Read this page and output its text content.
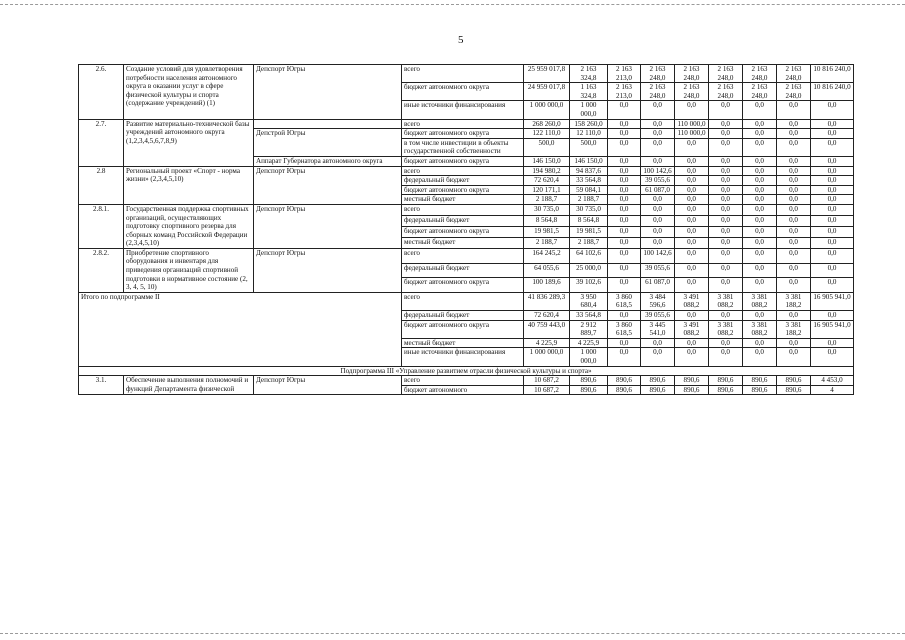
5
2.6.	Создание условий для удовлетворения потребности населения автономного округа в оказании услуг в сфере физической культуры и спорта (содержание учреждений) (1)	Депспорт Югры	всего	25 959 017,8	2 163 324,8	2 163 213,0	2 163 248,0	2 163 248,0	2 163 248,0	2 163 248,0	2 163 248,0	10 816 240,0
			бюджет автономного округа	24 959 017,8	1 163 324,8	2 163 213,0	2 163 248,0	2 163 248,0	2 163 248,0	2 163 248,0	2 163 248,0	10 816 240,0
			иные источники финансирования	1 000 000,0	1 000 000,0	0,0	0,0	0,0	0,0	0,0	0,0	0,0
2.7.	Развитие материально-технической базы учреждений автономного округа (1,2,3,4,5,6,7,8,9)		всего	268 260,0	158 260,0	0,0	0,0	110 000,0	0,0	0,0	0,0	0,0
		Депстрой Югры	бюджет автономного округа	122 110,0	12 110,0	0,0	0,0	110 000,0	0,0	0,0	0,0	0,0
			в том числе инвестиции в объекты государственной собственности	500,0	500,0	0,0	0,0	0,0	0,0	0,0	0,0	0,0
		Аппарат Губернатора автономного округа	бюджет автономного округа	146 150,0	146 150,0	0,0	0,0	0,0	0,0	0,0	0,0	0,0
2.8	Региональный проект «Спорт - норма жизни» (2,3,4,5,10)	Депспорт Югры	всего	194 980,2	94 837,6	0,0	100 142,6	0,0	0,0	0,0	0,0	0,0
			федеральный бюджет	72 620,4	33 564,8	0,0	39 055,6	0,0	0,0	0,0	0,0	0,0
			бюджет автономного округа	120 171,1	59 084,1	0,0	61 087,0	0,0	0,0	0,0	0,0	0,0
			местный бюджет	2 188,7	2 188,7	0,0	0,0	0,0	0,0	0,0	0,0	0,0
2.8.1.	Государственная поддержка спортивных организаций, осуществляющих подготовку спортивного резерва для сборных команд Российской Федерации (2,3,4,5,10)	Депспорт Югры	всего	30 735,0	30 735,0	0,0	0,0	0,0	0,0	0,0	0,0	0,0
			федеральный бюджет	8 564,8	8 564,8	0,0	0,0	0,0	0,0	0,0	0,0	0,0
			бюджет автономного округа	19 981,5	19 981,5	0,0	0,0	0,0	0,0	0,0	0,0	0,0
			местный бюджет	2 188,7	2 188,7	0,0	0,0	0,0	0,0	0,0	0,0	0,0
2.8.2.	Приобретение спортивного оборудования и инвентаря для приведения организаций спортивной подготовки в нормативное состояние (2, 3, 4, 5, 10)	Депспорт Югры	всего	164 245,2	64 102,6	0,0	100 142,6	0,0	0,0	0,0	0,0	0,0
			федеральный бюджет	64 055,6	25 000,0	0,0	39 055,6	0,0	0,0	0,0	0,0	0,0
			бюджет автономного округа	100 189,6	39 102,6	0,0	61 087,0	0,0	0,0	0,0	0,0	0,0
Итого по подпрограмме II			всего	41 836 289,3	3 950 680,4	3 860 618,5	3 484 596,6	3 491 088,2	3 381 088,2	3 381 088,2	3 381 188,2	16 905 941,0
			федеральный бюджет	72 620,4	33 564,8	0,0	39 055,6	0,0	0,0	0,0	0,0	0,0
			бюджет автономного округа	40 759 443,0	2 912 889,7	3 860 618,5	3 445 541,0	3 491 088,2	3 381 088,2	3 381 088,2	3 381 188,2	16 905 941,0
			местный бюджет	4 225,9	4 225,9	0,0	0,0	0,0	0,0	0,0	0,0	0,0
			иные источники финансирования	1 000 000,0	1 000 000,0	0,0	0,0	0,0	0,0	0,0	0,0	0,0
Подпрограмма III «Управление развитием отрасли физической культуры и спорта»												
3.1.	Обеспечение выполнения полномочий и функций Департамента физической	Депспорт Югры	всего	10 687,2	890,6	890,6	890,6	890,6	890,6	890,6	890,6	4 453,0
			бюджет автономного	10 687,2	890,6	890,6	890,6	890,6	890,6	890,6	890,6	4
